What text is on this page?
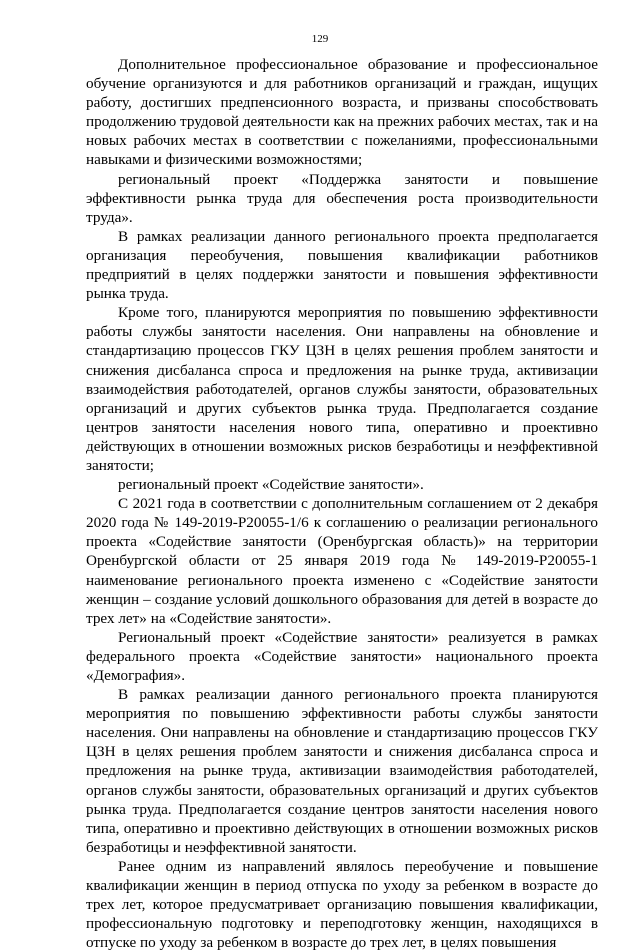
129

Дополнительное профессиональное образование и профессиональное обучение организуются и для работников организаций и граждан, ищущих работу, достигших предпенсионного возраста, и призваны способствовать продолжению трудовой деятельности как на прежних рабочих местах, так и на новых рабочих местах в соответствии с пожеланиями, профессиональными навыками и физическими возможностями;

региональный проект «Поддержка занятости и повышение эффективности рынка труда для обеспечения роста производительности труда».

В рамках реализации данного регионального проекта предполагается организация переобучения, повышения квалификации работников предприятий в целях поддержки занятости и повышения эффективности рынка труда.

Кроме того, планируются мероприятия по повышению эффективности работы службы занятости населения. Они направлены на обновление и стандартизацию процессов ГКУ ЦЗН в целях решения проблем занятости и снижения дисбаланса спроса и предложения на рынке труда, активизации взаимодействия работодателей, органов службы занятости, образовательных организаций и других субъектов рынка труда. Предполагается создание центров занятости населения нового типа, оперативно и проективно действующих в отношении возможных рисков безработицы и неэффективной занятости;

региональный проект «Содействие занятости».

С 2021 года в соответствии с дополнительным соглашением от 2 декабря 2020 года № 149-2019-Р20055-1/6 к соглашению о реализации регионального проекта «Содействие занятости (Оренбургская область)» на территории Оренбургской области от 25 января 2019 года № 149-2019-Р20055-1 наименование регионального проекта изменено с «Содействие занятости женщин – создание условий дошкольного образования для детей в возрасте до трех лет» на «Содействие занятости».

Региональный проект «Содействие занятости» реализуется в рамках федерального проекта «Содействие занятости» национального проекта «Демография».

В рамках реализации данного регионального проекта планируются мероприятия по повышению эффективности работы службы занятости населения. Они направлены на обновление и стандартизацию процессов ГКУ ЦЗН в целях решения проблем занятости и снижения дисбаланса спроса и предложения на рынке труда, активизации взаимодействия работодателей, органов службы занятости, образовательных организаций и других субъектов рынка труда. Предполагается создание центров занятости населения нового типа, оперативно и проективно действующих в отношении возможных рисков безработицы и неэффективной занятости.

Ранее одним из направлений являлось переобучение и повышение квалификации женщин в период отпуска по уходу за ребенком в возрасте до трех лет, которое предусматривает организацию повышения квалификации, профессиональную подготовку и переподготовку женщин, находящихся в отпуске по уходу за ребенком в возрасте до трех лет, в целях повышения
